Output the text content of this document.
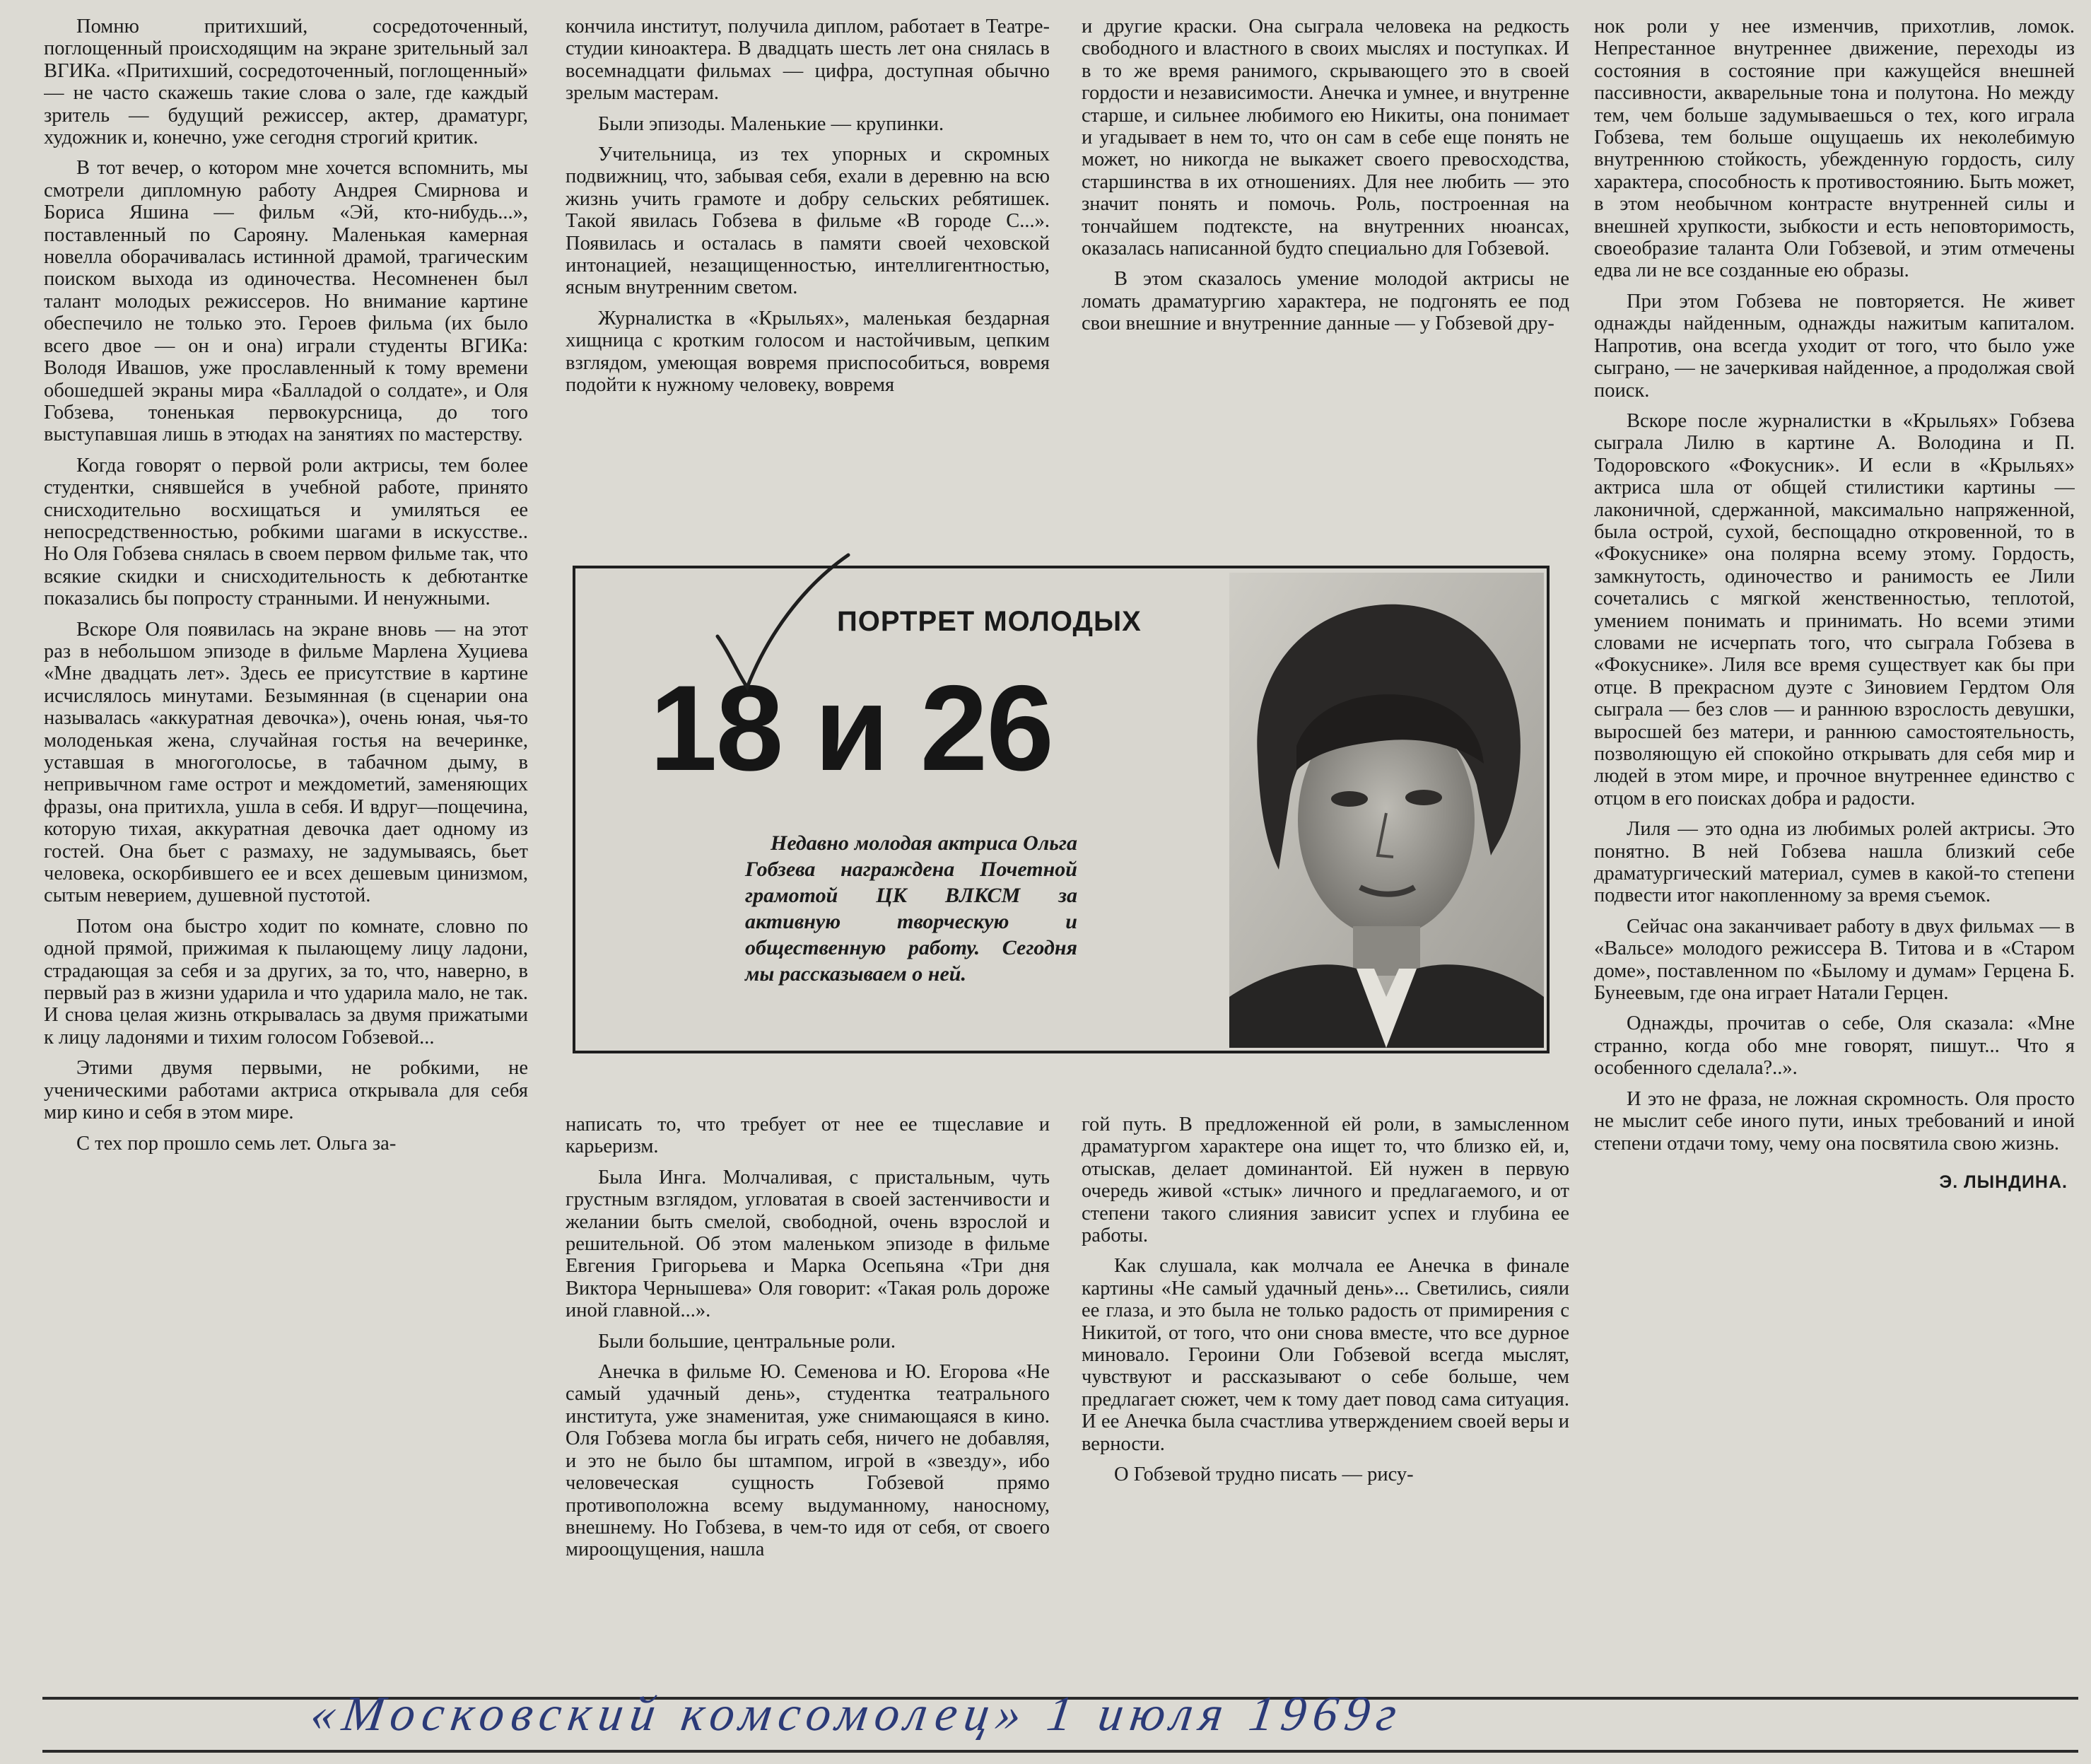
Помню притихший, сосредоточенный, поглощенный происходящим на экране зрительный зал ВГИКа. «Притихший, сосредоточенный, поглощенный» — не часто скажешь такие слова о зале, где каждый зритель — будущий режиссер, актер, драматург, художник и, конечно, уже сегодня строгий критик.

В тот вечер, о котором мне хочется вспомнить, мы смотрели дипломную работу Андрея Смирнова и Бориса Яшина — фильм «Эй, кто-нибудь...», поставленный по Сарояну. Маленькая камерная новелла оборачивалась истинной драмой, трагическим поиском выхода из одиночества. Несомненен был талант молодых режиссеров. Но внимание картине обеспечило не только это. Героев фильма (их было всего двое — он и она) играли студенты ВГИКа: Володя Ивашов, уже прославленный к тому времени обошедшей экраны мира «Балладой о солдате», и Оля Гобзева, тоненькая первокурсница, до того выступавшая лишь в этюдах на занятиях по мастерству.

Когда говорят о первой роли актрисы, тем более студентки, снявшейся в учебной работе, принято снисходительно восхищаться и умиляться ее непосредственностью, робкими шагами в искусстве.. Но Оля Гобзева снялась в своем первом фильме так, что всякие скидки и снисходительность к дебютантке показались бы попросту странными. И ненужными.

Вскоре Оля появилась на экране вновь — на этот раз в небольшом эпизоде в фильме Марлена Хуциева «Мне двадцать лет». Здесь ее присутствие в картине исчислялось минутами. Безымянная (в сценарии она называлась «аккуратная девочка»), очень юная, чья-то молоденькая жена, случайная гостья на вечеринке, уставшая в многоголосье, в табачном дыму, в непривычном гаме острот и междометий, заменяющих фразы, она притихла, ушла в себя. И вдруг—пощечина, которую тихая, аккуратная девочка дает одному из гостей. Она бьет с размаху, не задумываясь, бьет человека, оскорбившего ее и всех дешевым цинизмом, сытым неверием, душевной пустотой.

Потом она быстро ходит по комнате, словно по одной прямой, прижимая к пылающему лицу ладони, страдающая за себя и за других, за то, что, наверно, в первый раз в жизни ударила и что ударила мало, не так. И снова целая жизнь открывалась за двумя прижатыми к лицу ладонями и тихим голосом Гобзевой...

Этими двумя первыми, не робкими, не ученическими работами актриса открывала для себя мир кино и себя в этом мире.

С тех пор прошло семь лет. Ольга за-

кончила институт, получила диплом, работает в Театре-студии киноактера. В двадцать шесть лет она снялась в восемнадцати фильмах — цифра, доступная обычно зрелым мастерам.

Были эпизоды. Маленькие — крупинки.

Учительница, из тех упорных и скромных подвижниц, что, забывая себя, ехали в деревню на всю жизнь учить грамоте и добру сельских ребятишек. Такой явилась Гобзева в фильме «В городе С...». Появилась и осталась в памяти своей чеховской интонацией, незащищенностью, интеллигентностью, ясным внутренним светом.

Журналистка в «Крыльях», маленькая бездарная хищница с кротким голосом и настойчивым, цепким взглядом, умеющая вовремя приспособиться, вовремя подойти к нужному человеку, вовремя

и другие краски. Она сыграла человека на редкость свободного и властного в своих мыслях и поступках. И в то же время ранимого, скрывающего это в своей гордости и независимости. Анечка и умнее, и внутренне старше, и сильнее любимого ею Никиты, она понимает и угадывает в нем то, что он сам в себе еще понять не может, но никогда не выкажет своего превосходства, старшинства в их отношениях. Для нее любить — это значит понять и помочь. Роль, построенная на тончайшем подтексте, на внутренних нюансах, оказалась написанной будто специально для Гобзевой.

В этом сказалось умение молодой актрисы не ломать драматургию характера, не подгонять ее под свои внешние и внутренние данные — у Гобзевой дру-

нок роли у нее изменчив, прихотлив, ломок. Непрестанное внутреннее движение, переходы из состояния в состояние при кажущейся внешней пассивности, акварельные тона и полутона. Но между тем, чем больше задумываешься о тех, кого играла Гобзева, тем больше ощущаешь их неколебимую внутреннюю стойкость, убежденную гордость, силу характера, способность к противостоянию. Быть может, в этом необычном контрасте внутренней силы и внешней хрупкости, зыбкости и есть неповторимость, своеобразие таланта Оли Гобзевой, и этим отмечены едва ли не все созданные ею образы.

При этом Гобзева не повторяется. Не живет однажды найденным, однажды нажитым капиталом. Напротив, она всегда уходит от того, что было уже сыграно, — не зачеркивая найденное, а продолжая свой поиск.

Вскоре после журналистки в «Крыльях» Гобзева сыграла Лилю в картине А. Володина и П. Тодоровского «Фокусник». И если в «Крыльях» актриса шла от общей стилистики картины — лаконичной, сдержанной, максимально напряженной, была острой, сухой, беспощадно откровенной, то в «Фокуснике» она полярна всему этому. Гордость, замкнутость, одиночество и ранимость ее Лили сочетались с мягкой женственностью, теплотой, умением понимать и принимать. Но всеми этими словами не исчерпать того, что сыграла Гобзева в «Фокуснике». Лиля все время существует как бы при отце. В прекрасном дуэте с Зиновием Гердтом Оля сыграла — без слов — и раннюю взрослость девушки, выросшей без матери, и раннюю самостоятельность, позволяющую ей спокойно открывать для себя мир и людей в этом мире, и прочное внутреннее единство с отцом в его поисках добра и радости.

Лиля — это одна из любимых ролей актрисы. Это понятно. В ней Гобзева нашла близкий себе драматургический материал, сумев в какой-то степени подвести итог накопленному за время съемок.

Сейчас она заканчивает работу в двух фильмах — в «Вальсе» молодого режиссера В. Титова и в «Старом доме», поставленном по «Былому и думам» Герцена Б. Бунеевым, где она играет Натали Герцен.

Однажды, прочитав о себе, Оля сказала: «Мне странно, когда обо мне говорят, пишут... Что я особенного сделала?..».

И это не фраза, не ложная скромность. Оля просто не мыслит себе иного пути, иных требований и иной степени отдачи тому, чему она посвятила свою жизнь.

Э. ЛЫНДИНА.

ПОРТРЕТ МОЛОДЫХ
18 и 26
Недавно молодая актриса Ольга Гобзева награждена Почетной грамотой ЦК ВЛКСМ за активную творческую и общественную работу. Сегодня мы рассказываем о ней.

написать то, что требует от нее ее тщеславие и карьеризм.

Была Инга. Молчаливая, с пристальным, чуть грустным взглядом, угловатая в своей застенчивости и желании быть смелой, свободной, очень взрослой и решительной. Об этом маленьком эпизоде в фильме Евгения Григорьева и Марка Осепьяна «Три дня Виктора Чернышева» Оля говорит: «Такая роль дороже иной главной...».

Были большие, центральные роли.

Анечка в фильме Ю. Семенова и Ю. Егорова «Не самый удачный день», студентка театрального института, уже знаменитая, уже снимающаяся в кино. Оля Гобзева могла бы играть себя, ничего не добавляя, и это не было бы штампом, игрой в «звезду», ибо человеческая сущность Гобзевой прямо противоположна всему выдуманному, наносному, внешнему. Но Гобзева, в чем-то идя от себя, от своего мироощущения, нашла

гой путь. В предложенной ей роли, в замысленном драматургом характере она ищет то, что близко ей, и, отыскав, делает доминантой. Ей нужен в первую очередь живой «стык» личного и предлагаемого, и от степени такого слияния зависит успех и глубина ее работы.

Как слушала, как молчала ее Анечка в финале картины «Не самый удачный день»... Светились, сияли ее глаза, и это была не только радость от примирения с Никитой, от того, что они снова вместе, что все дурное миновало. Героини Оли Гобзевой всегда мыслят, чувствуют и рассказывают о себе больше, чем предлагает сюжет, чем к тому дает повод сама ситуация. И ее Анечка была счастлива утверждением своей веры и верности.

О Гобзевой трудно писать — рису-

«Московский комсомолец» 1 июля 1969г
